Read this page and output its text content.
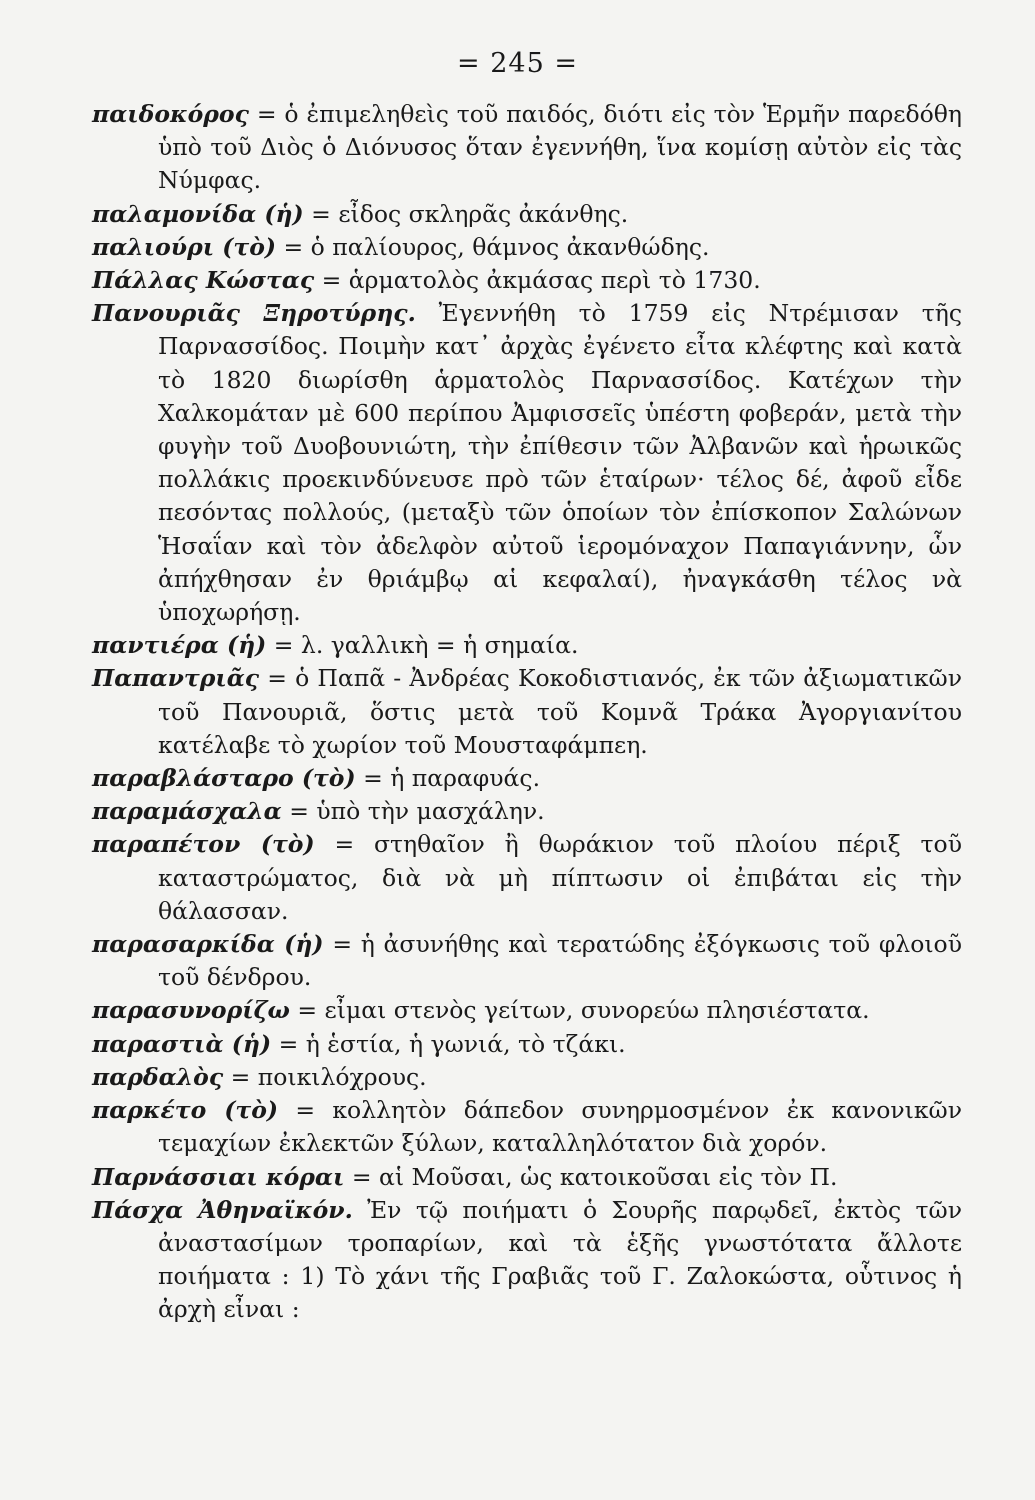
= 245 =

παιδοκόρος = ὁ ἐπιμεληθεὶς τοῦ παιδός, διότι εἰς τὸν Ἑρμῆν παρεδόθη ὑπὸ τοῦ Διὸς ὁ Διόνυσος ὅταν ἐγεννήθη, ἵνα κομίσῃ αὐτὸν εἰς τὰς Νύμφας.

παλαμονίδα (ἡ) = εἶδος σκληρᾶς ἀκάνθης.

παλιούρι (τὸ) = ὁ παλίουρος, θάμνος ἀκανθώδης.

Πάλλας Κώστας = ἁρματολὸς ἀκμάσας περὶ τὸ 1730.

Πανουριᾶς Ξηροτύρης. Ἐγεννήθη τὸ 1759 εἰς Ντρέμισαν τῆς Παρνασσίδος. Ποιμὴν κατ᾽ ἀρχὰς ἐγένετο εἶτα κλέφτης καὶ κατὰ τὸ 1820 διωρίσθη ἁρματολὸς Παρνασσίδος. Κατέχων τὴν Χαλκομάταν μὲ 600 περίπου Ἀμφισσεῖς ὑπέστη φοβεράν, μετὰ τὴν φυγὴν τοῦ Δυοβουνιώτη, τὴν ἐπίθεσιν τῶν Ἀλβανῶν καὶ ἡρωικῶς πολλάκις προεκινδύνευσε πρὸ τῶν ἑταίρων· τέλος δέ, ἀφοῦ εἶδε πεσόντας πολλούς, (μεταξὺ τῶν ὁποίων τὸν ἐπίσκοπον Σαλώνων Ἡσαΐαν καὶ τὸν ἀδελφὸν αὐτοῦ ἱερομόναχον Παπαγιάννην, ὧν ἀπήχθησαν ἐν θριάμβῳ αἱ κεφαλαί), ἠναγκάσθη τέλος νὰ ὑποχωρήσῃ.

παντιέρα (ἡ) = λ. γαλλικὴ = ἡ σημαία.

Παπαντριᾶς = ὁ Παπᾶ - Ἀνδρέας Κοκοδιστιανός, ἐκ τῶν ἀξιωματικῶν τοῦ Πανουριᾶ, ὅστις μετὰ τοῦ Κομνᾶ Τράκα Ἀγοργιανίτου κατέλαβε τὸ χωρίον τοῦ Μουσταφάμπεη.

παραβλάσταρο (τὸ) = ἡ παραφυάς.

παραμάσχαλα = ὑπὸ τὴν μασχάλην.

παραπέτον (τὸ) = στηθαῖον ἢ θωράκιον τοῦ πλοίου πέριξ τοῦ καταστρώματος, διὰ νὰ μὴ πίπτωσιν οἱ ἐπιβάται εἰς τὴν θάλασσαν.

παρασαρκίδα (ἡ) = ἡ ἀσυνήθης καὶ τερατώδης ἐξόγκωσις τοῦ φλοιοῦ τοῦ δένδρου.

παρασυνορίζω = εἶμαι στενὸς γείτων, συνορεύω πλησιέστατα.

παραστιὰ (ἡ) = ἡ ἑστία, ἡ γωνιά, τὸ τζάκι.

παρδαλὸς = ποικιλόχρους.

παρκέτο (τὸ) = κολλητὸν δάπεδον συνηρμοσμένον ἐκ κανονικῶν τεμαχίων ἐκλεκτῶν ξύλων, καταλληλότατον διὰ χορόν.

Παρνάσσιαι κόραι = αἱ Μοῦσαι, ὡς κατοικοῦσαι εἰς τὸν Π.

Πάσχα Ἀθηναϊκόν. Ἐν τῷ ποιήματι ὁ Σουρῆς παρῳδεῖ, ἐκτὸς τῶν ἀναστασίμων τροπαρίων, καὶ τὰ ἑξῆς γνωστότατα ἄλλοτε ποιήματα : 1) Τὸ χάνι τῆς Γραβιᾶς τοῦ Γ. Ζαλοκώστα, οὗτινος ἡ ἀρχὴ εἶναι :
